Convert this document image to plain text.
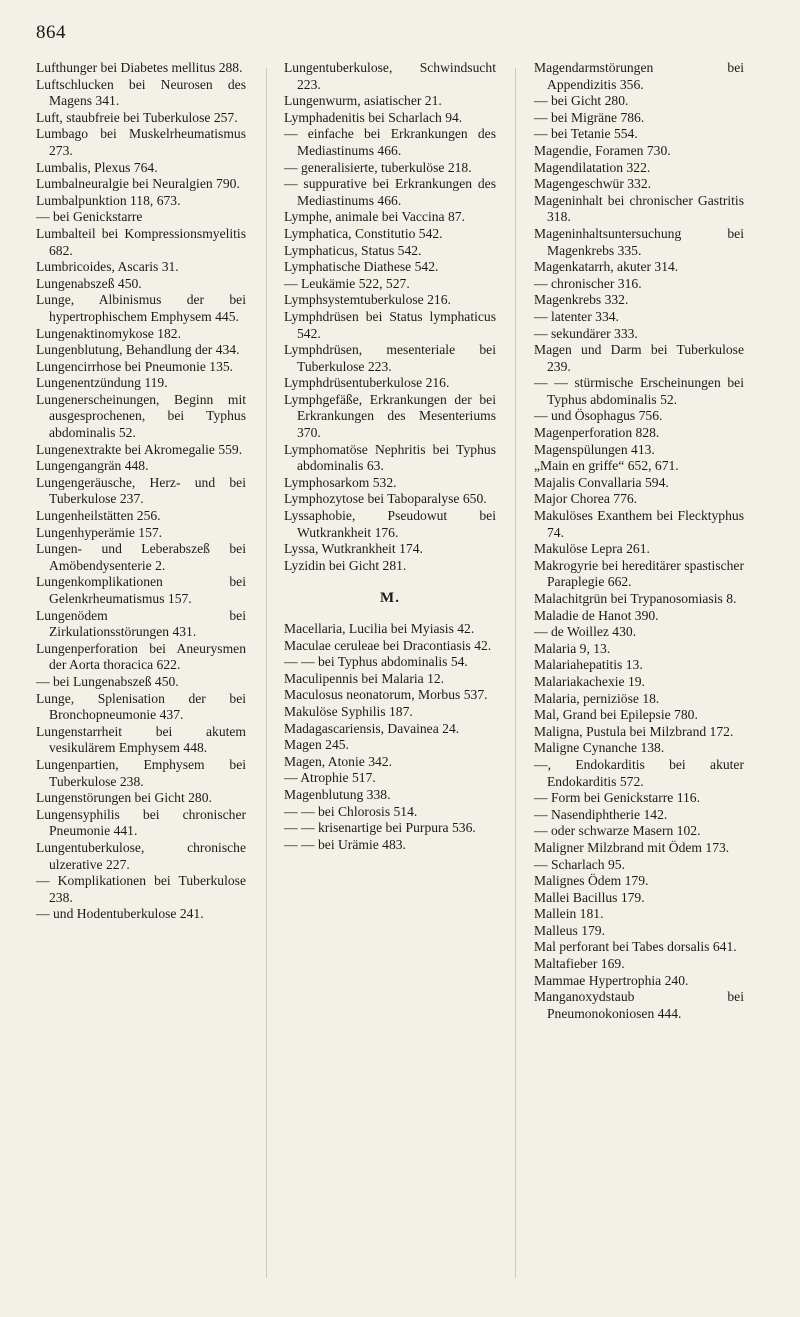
864
Lufthunger bei Diabetes mellitus 288.
Luftschlucken bei Neurosen des Magens 341.
Luft, staubfreie bei Tuberkulose 257.
Lumbago bei Muskelrheumatismus 273.
Lumbalis, Plexus 764.
Lumbalneuralgie bei Neuralgien 790.
Lumbalpunktion 118, 673.
— bei Genickstarre
Lumbalteil bei Kompressionsmyelitis 682.
Lumbricoides, Ascaris 31.
Lungenabszeß 450.
Lunge, Albinismus der bei hypertrophischem Emphysem 445.
Lungenaktinomykose 182.
Lungenblutung, Behandlung der 434.
Lungencirrhose bei Pneumonie 135.
Lungenentzündung 119.
Lungenerscheinungen, Beginn mit ausgesprochenen, bei Typhus abdominalis 52.
Lungenextrakte bei Akromegalie 559.
Lungengangrän 448.
Lungengeräusche, Herz- und bei Tuberkulose 237.
Lungenheilstätten 256.
Lungenhyperämie 157.
Lungen- und Leberabszeß bei Amöbendysenterie 2.
Lungenkomplikationen bei Gelenkrheumatismus 157.
Lungenödem bei Zirkulationsstörungen 431.
Lungenperforation bei Aneurysmen der Aorta thoracica 622.
— bei Lungenabszeß 450.
Lunge, Splenisation der bei Bronchopneumonie 437.
Lungenstarrheit bei akutem vesikulärem Emphysem 448.
Lungenpartien, Emphysem bei Tuberkulose 238.
Lungenstörungen bei Gicht 280.
Lungensyphilis bei chronischer Pneumonie 441.
Lungentuberkulose, chronische ulzerative 227.
— Komplikationen bei Tuberkulose 238.
— und Hodentuberkulose 241.
Lungentuberkulose, Schwindsucht 223.
Lungenwurm, asiatischer 21.
Lymphadenitis bei Scharlach 94.
— einfache bei Erkrankungen des Mediastinums 466.
— generalisierte, tuberkulöse 218.
— suppurative bei Erkrankungen des Mediastinums 466.
Lymphe, animale bei Vaccina 87.
Lymphatica, Constitutio 542.
Lymphaticus, Status 542.
Lymphatische Diathese 542.
— Leukämie 522, 527.
Lymphsystemtuberkulose 216.
Lymphdrüsen bei Status lymphaticus 542.
Lymphdrüsen, mesenteriale bei Tuberkulose 223.
Lymphdrüsentuberkulose 216.
Lymphgefäße, Erkrankungen der bei Erkrankungen des Mesenteriums 370.
Lymphomatöse Nephritis bei Typhus abdominalis 63.
Lymphosarkom 532.
Lymphozytose bei Taboparalyse 650.
Lyssaphobie, Pseudowut bei Wutkrankheit 176.
Lyssa, Wutkrankheit 174.
Lyzidin bei Gicht 281.
M.
Macellaria, Lucilia bei Myiasis 42.
Maculae ceruleae bei Dracontiasis 42.
— — bei Typhus abdominalis 54.
Maculipennis bei Malaria 12.
Maculosus neonatorum, Morbus 537.
Makulöse Syphilis 187.
Madagascariensis, Davainea 24.
Magen 245.
Magen, Atonie 342.
— Atrophie 517.
Magenblutung 338.
— — bei Chlorosis 514.
— — krisenartige bei Purpura 536.
— — bei Urämie 483.
Magendarmstörungen bei Appendizitis 356.
— bei Gicht 280.
— bei Migräne 786.
— bei Tetanie 554.
Magendie, Foramen 730.
Magendilatation 322.
Magengeschwür 332.
Mageninhalt bei chronischer Gastritis 318.
Mageninhaltsuntersuchung bei Magenkrebs 335.
Magenkatarrh, akuter 314.
— chronischer 316.
Magenkrebs 332.
— latenter 334.
— sekundärer 333.
Magen und Darm bei Tuberkulose 239.
— — stürmische Erscheinungen bei Typhus abdominalis 52.
— und Ösophagus 756.
Magenperforation 828.
Magenspülungen 413.
„Main en griffe“ 652, 671.
Majalis Convallaria 594.
Major Chorea 776.
Makulöses Exanthem bei Flecktyphus 74.
Makulöse Lepra 261.
Makrogyrie bei hereditärer spastischer Paraplegie 662.
Malachitgrün bei Trypanosomiasis 8.
Maladie de Hanot 390.
— de Woillez 430.
Malaria 9, 13.
Malariahepatitis 13.
Malariakachexie 19.
Malaria, perniziöse 18.
Mal, Grand bei Epilepsie 780.
Maligna, Pustula bei Milzbrand 172.
Maligne Cynanche 138.
—, Endokarditis bei akuter Endokarditis 572.
— Form bei Genickstarre 116.
— Nasendiphtherie 142.
— oder schwarze Masern 102.
Maligner Milzbrand mit Ödem 173.
— Scharlach 95.
Malignes Ödem 179.
Mallei Bacillus 179.
Mallein 181.
Malleus 179.
Mal perforant bei Tabes dorsalis 641.
Maltafieber 169.
Mammae Hypertrophia 240.
Manganoxydstaub bei Pneumonokoniosen 444.
